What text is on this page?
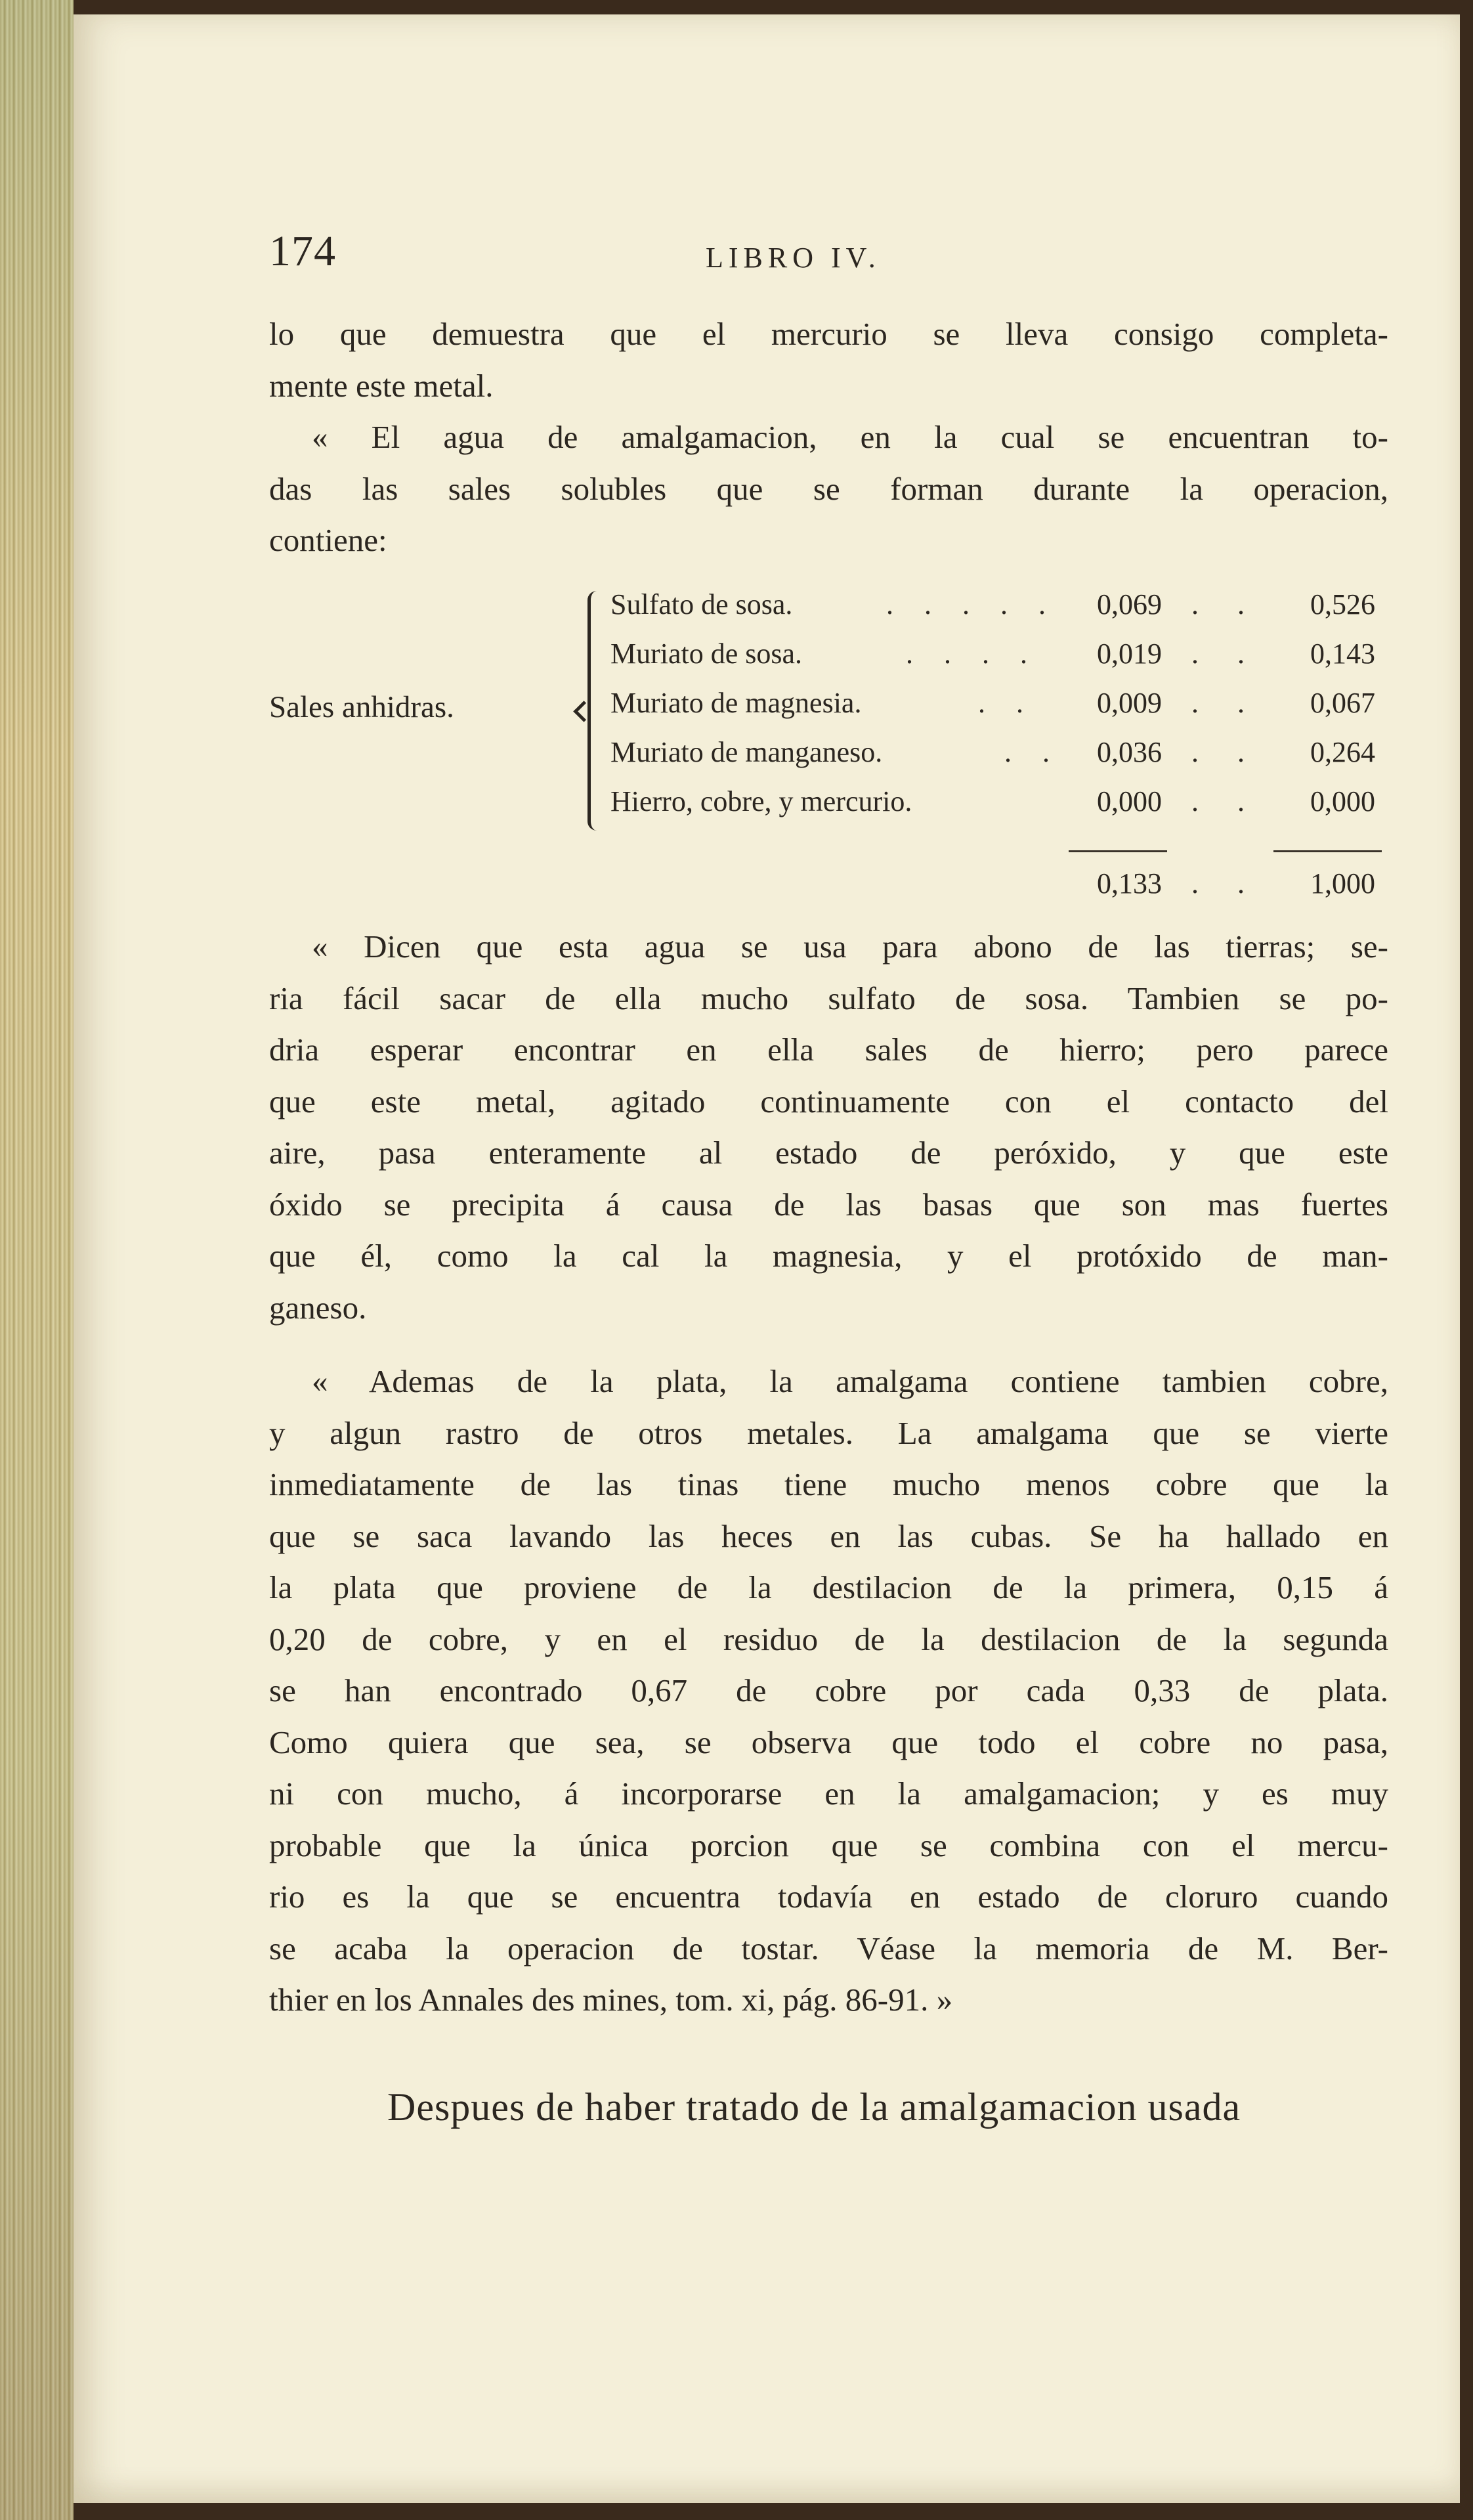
174	LIBRO IV.
lo que demuestra que el mercurio se lleva consigo completa-
mente este metal.
« El agua de amalgamacion, en la cual se encuentran to-
das las sales solubles que se forman durante la operacion,
contiene:
Sales anhidras.
Sulfato de sosa.	. . . . .	0,069 . .	0,526
Muriato de sosa.	. . . .	0,019 . .	0,143
Muriato de magnesia.	. .	0,009 . .	0,067
Muriato de manganeso.	. .	0,036 . .	0,264
Hierro, cobre, y mercurio.	0,000 . .	0,000
0,133 . .	1,000
« Dicen que esta agua se usa para abono de las tierras; se-
ria fácil sacar de ella mucho sulfato de sosa. Tambien se po-
dria esperar encontrar en ella sales de hierro; pero parece
que este metal, agitado continuamente con el contacto del
aire, pasa enteramente al estado de peróxido, y que este
óxido se precipita á causa de las basas que son mas fuertes
que él, como la cal la magnesia, y el protóxido de man-
ganeso.
« Ademas de la plata, la amalgama contiene tambien cobre,
y algun rastro de otros metales. La amalgama que se vierte
inmediatamente de las tinas tiene mucho menos cobre que la
que se saca lavando las heces en las cubas. Se ha hallado en
la plata que proviene de la destilacion de la primera, 0,15 á
0,20 de cobre, y en el residuo de la destilacion de la segunda
se han encontrado 0,67 de cobre por cada 0,33 de plata.
Como quiera que sea, se observa que todo el cobre no pasa,
ni con mucho, á incorporarse en la amalgamacion; y es muy
probable que la única porcion que se combina con el mercu-
rio es la que se encuentra todavía en estado de cloruro cuando
se acaba la operacion de tostar. Véase la memoria de M. Ber-
thier en los Annales des mines, tom. xi, pág. 86-91. »
Despues de haber tratado de la amalgamacion usada
